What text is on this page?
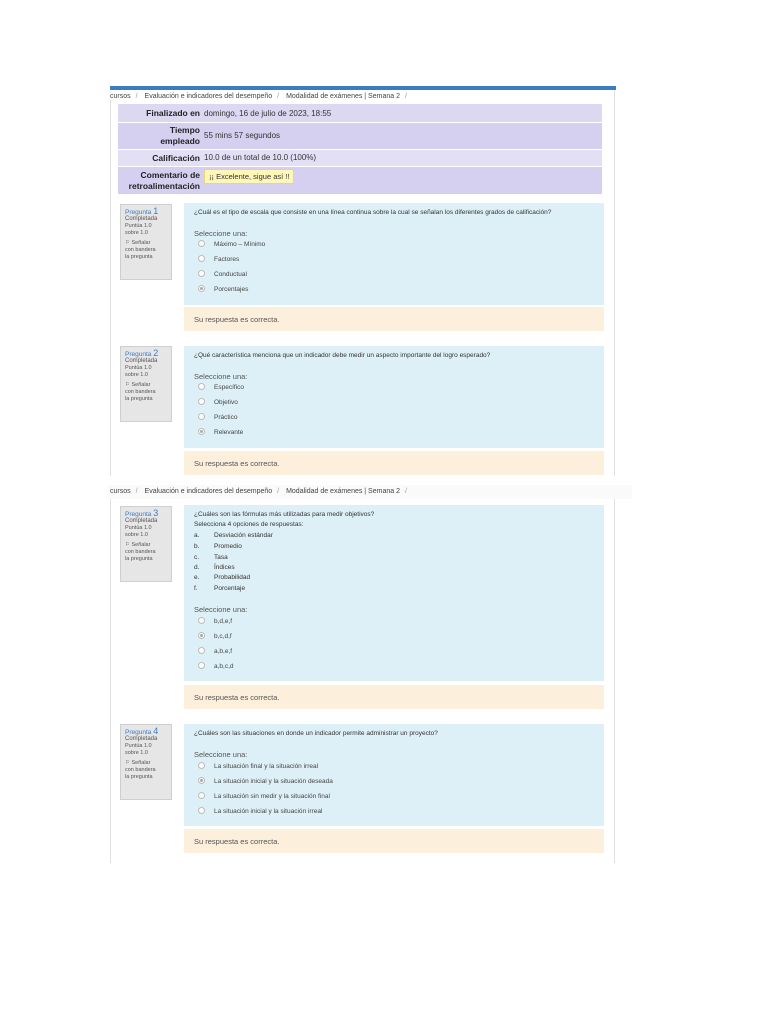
cursos / Evaluación e indicadores del desempeño / Modalidad de exámenes | Semana 2 /
Finalizado en domingo, 16 de julio de 2023, 18:55
Tiempo
empleado
55 mins 57 segundos
Calificación 10.0 de un total de 10.0 (100%)
Comentario de
retroalimentación
¡¡ Excelente, sigue así !!
Pregunta 1
Completada
Puntúa 1.0
sobre 1.0
⚐ Señalar
con bandera
la pregunta
¿Cuál es el tipo de escala que consiste en una línea continua sobre la cual se señalan los diferentes grados de calificación?
Seleccione una:
Máximo – Mínimo
Factores
Conductual
Porcentajes
Su respuesta es correcta.
Pregunta 2
Completada
Puntúa 1.0
sobre 1.0
⚐ Señalar
con bandera
la pregunta
¿Qué característica menciona que un indicador debe medir un aspecto importante del logro esperado?
Seleccione una:
Específico
Objetivo
Práctico
Relevante
Su respuesta es correcta.
cursos / Evaluación e indicadores del desempeño / Modalidad de exámenes | Semana 2 /
Pregunta 3
Completada
Puntúa 1.0
sobre 1.0
⚐ Señalar
con bandera
la pregunta
¿Cuáles son las fórmulas más utilizadas para medir objetivos?
Selecciona 4 opciones de respuestas:
a. Desviación estándar
b. Promedio
c. Tasa
d. Índices
e. Probabilidad
f.	Porcentaje
Seleccione una:
b,d,e,f
b,c,d,f
a,b,e,f
a,b,c,d
Su respuesta es correcta.
Pregunta 4
Completada
Puntúa 1.0
sobre 1.0
⚐ Señalar
con bandera
la pregunta
¿Cuáles son las situaciones en donde un indicador permite administrar un proyecto?
Seleccione una:
La situación final y la situación irreal
La situación inicial y la situación deseada
La situación sin medir y la situación final
La situación inicial y la situación irreal
Su respuesta es correcta.
